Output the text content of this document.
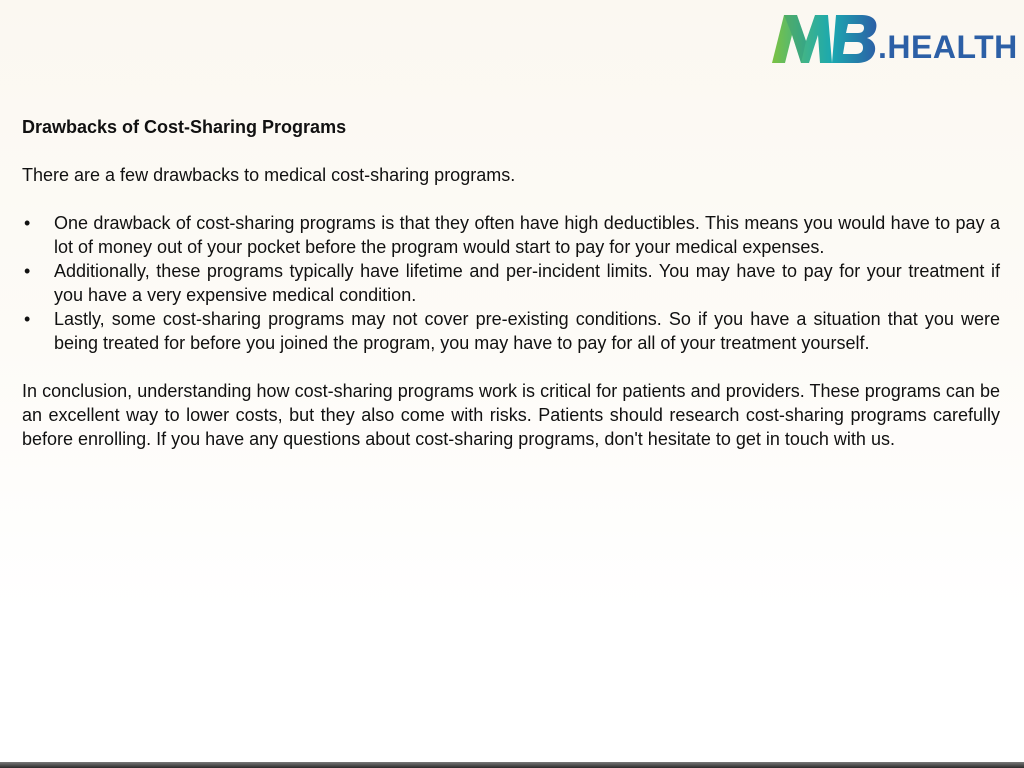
.HEALTH

Drawbacks of Cost-Sharing Programs

There are a few drawbacks to medical cost-sharing programs.

• One drawback of cost-sharing programs is that they often have high deductibles. This means you would have to pay a lot of money out of your pocket before the program would start to pay for your medical expenses.
• Additionally, these programs typically have lifetime and per-incident limits. You may have to pay for your treatment if you have a very expensive medical condition.
• Lastly, some cost-sharing programs may not cover pre-existing conditions. So if you have a situation that you were being treated for before you joined the program, you may have to pay for all of your treatment yourself.

In conclusion, understanding how cost-sharing programs work is critical for patients and providers. These programs can be an excellent way to lower costs, but they also come with risks. Patients should research cost-sharing programs carefully before enrolling. If you have any questions about cost-sharing programs, don't hesitate to get in touch with us.
